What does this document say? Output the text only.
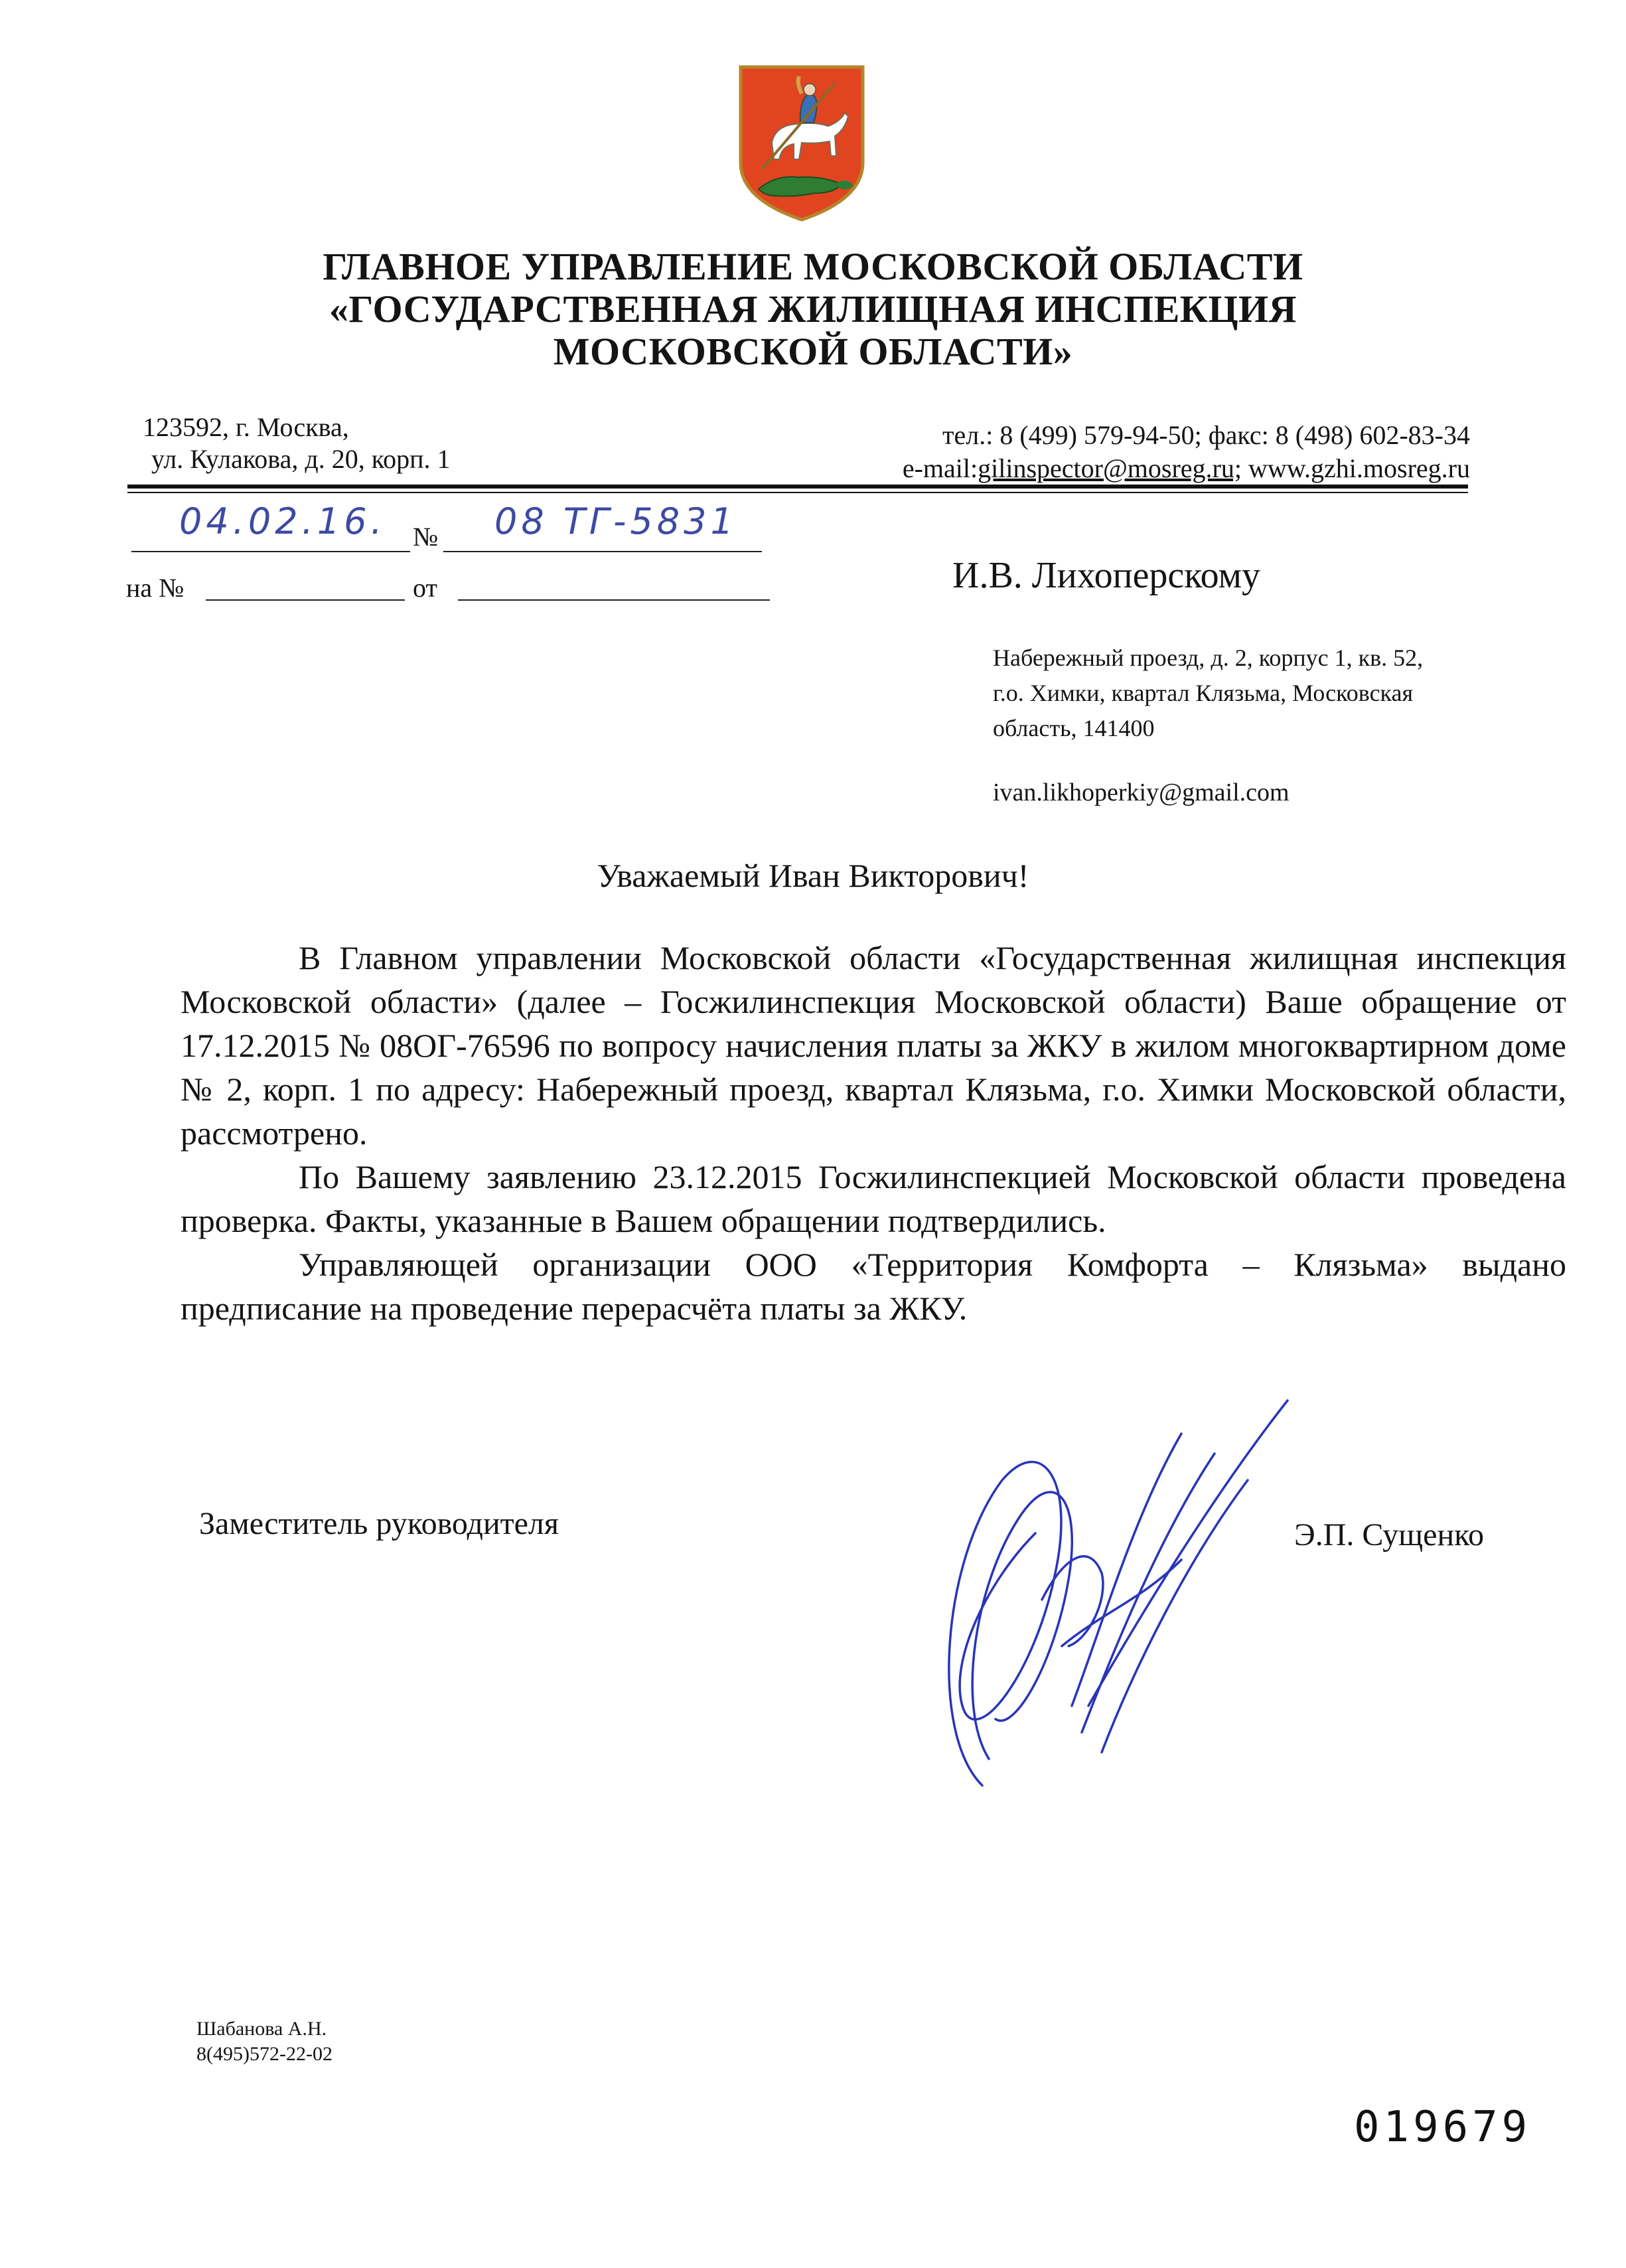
ГЛАВНОЕ УПРАВЛЕНИЕ МОСКОВСКОЙ ОБЛАСТИ
«ГОСУДАРСТВЕННАЯ ЖИЛИЩНАЯ ИНСПЕКЦИЯ
МОСКОВСКОЙ ОБЛАСТИ»
123592, г. Москва,
ул. Кулакова, д. 20, корп. 1
тел.: 8 (499) 579-94-50; факс: 8 (498) 602-83-34
e-mail:gilinspector@mosreg.ru; www.gzhi.mosreg.ru
04.02.16.	08 ТГ-5831
№
на №	от	И.В. Лихоперскому
Набережный проезд, д. 2, корпус 1, кв. 52,
г.о. Химки, квартал Клязьма, Московская
область, 141400
ivan.likhoperkiy@gmail.com
Уважаемый Иван Викторович!

В Главном управлении Московской области «Государственная жилищная инспекция Московской области» (далее – Госжилинспекция Московской области) Ваше обращение от 17.12.2015 № 08ОГ-76596 по вопросу начисления платы за ЖКУ в жилом многоквартирном доме № 2, корп. 1 по адресу: Набережный проезд, квартал Клязьма, г.о. Химки Московской области, рассмотрено.

По Вашему заявлению 23.12.2015 Госжилинспекцией Московской области проведена проверка. Факты, указанные в Вашем обращении подтвердились.

Управляющей организации ООО «Территория Комфорта – Клязьма» выдано предписание на проведение перерасчёта платы за ЖКУ.

Заместитель руководителя	Э.П. Сущенко
Шабанова А.Н.
8(495)572-22-02
019679
